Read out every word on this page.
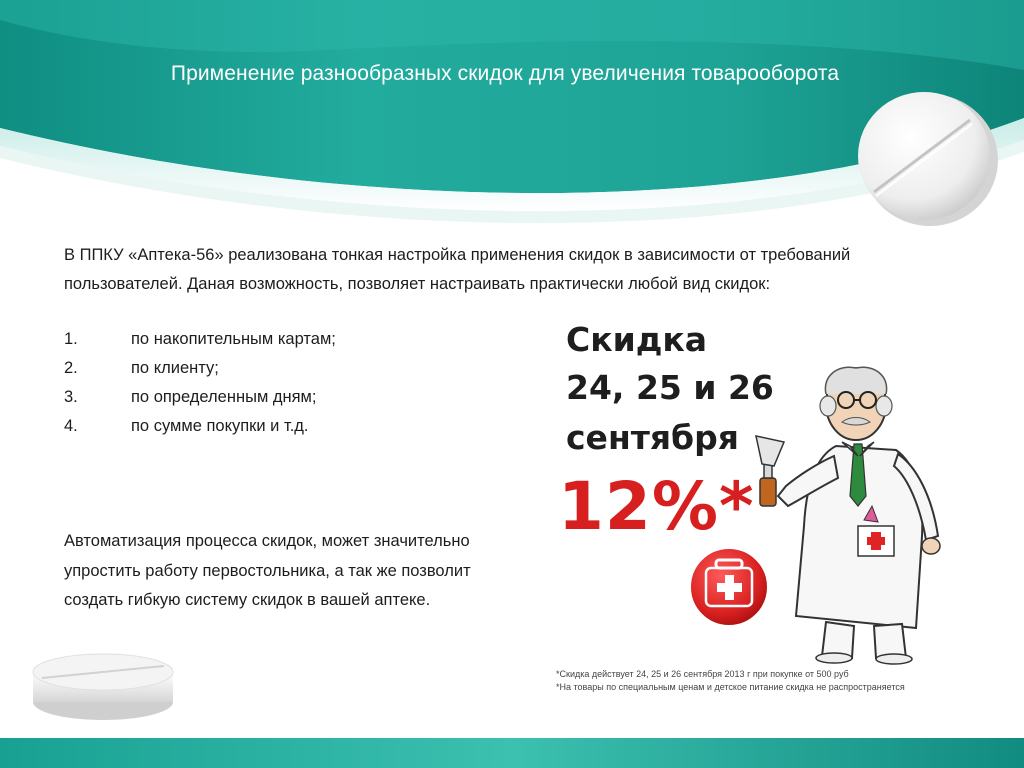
Применение разнообразных скидок для увеличения товарооборота
В ППКУ «Аптека-56» реализована тонкая настройка применения скидок в зависимости от требований пользователей. Даная возможность, позволяет настраивать практически любой вид скидок:
1.	по накопительным картам;
2.	по клиенту;
3.	по определенным дням;
4.	по сумме покупки и т.д.
Автоматизация процесса скидок, может значительно упростить работу первостольника, а так же позволит создать гибкую систему скидок в вашей аптеке.
Скидка
24, 25 и 26
сентября
12%*
*Скидка действует 24, 25 и 26 сентября 2013 г при покупке от 500 руб
*На товары по специальным ценам и детское питание скидка не распространяется
